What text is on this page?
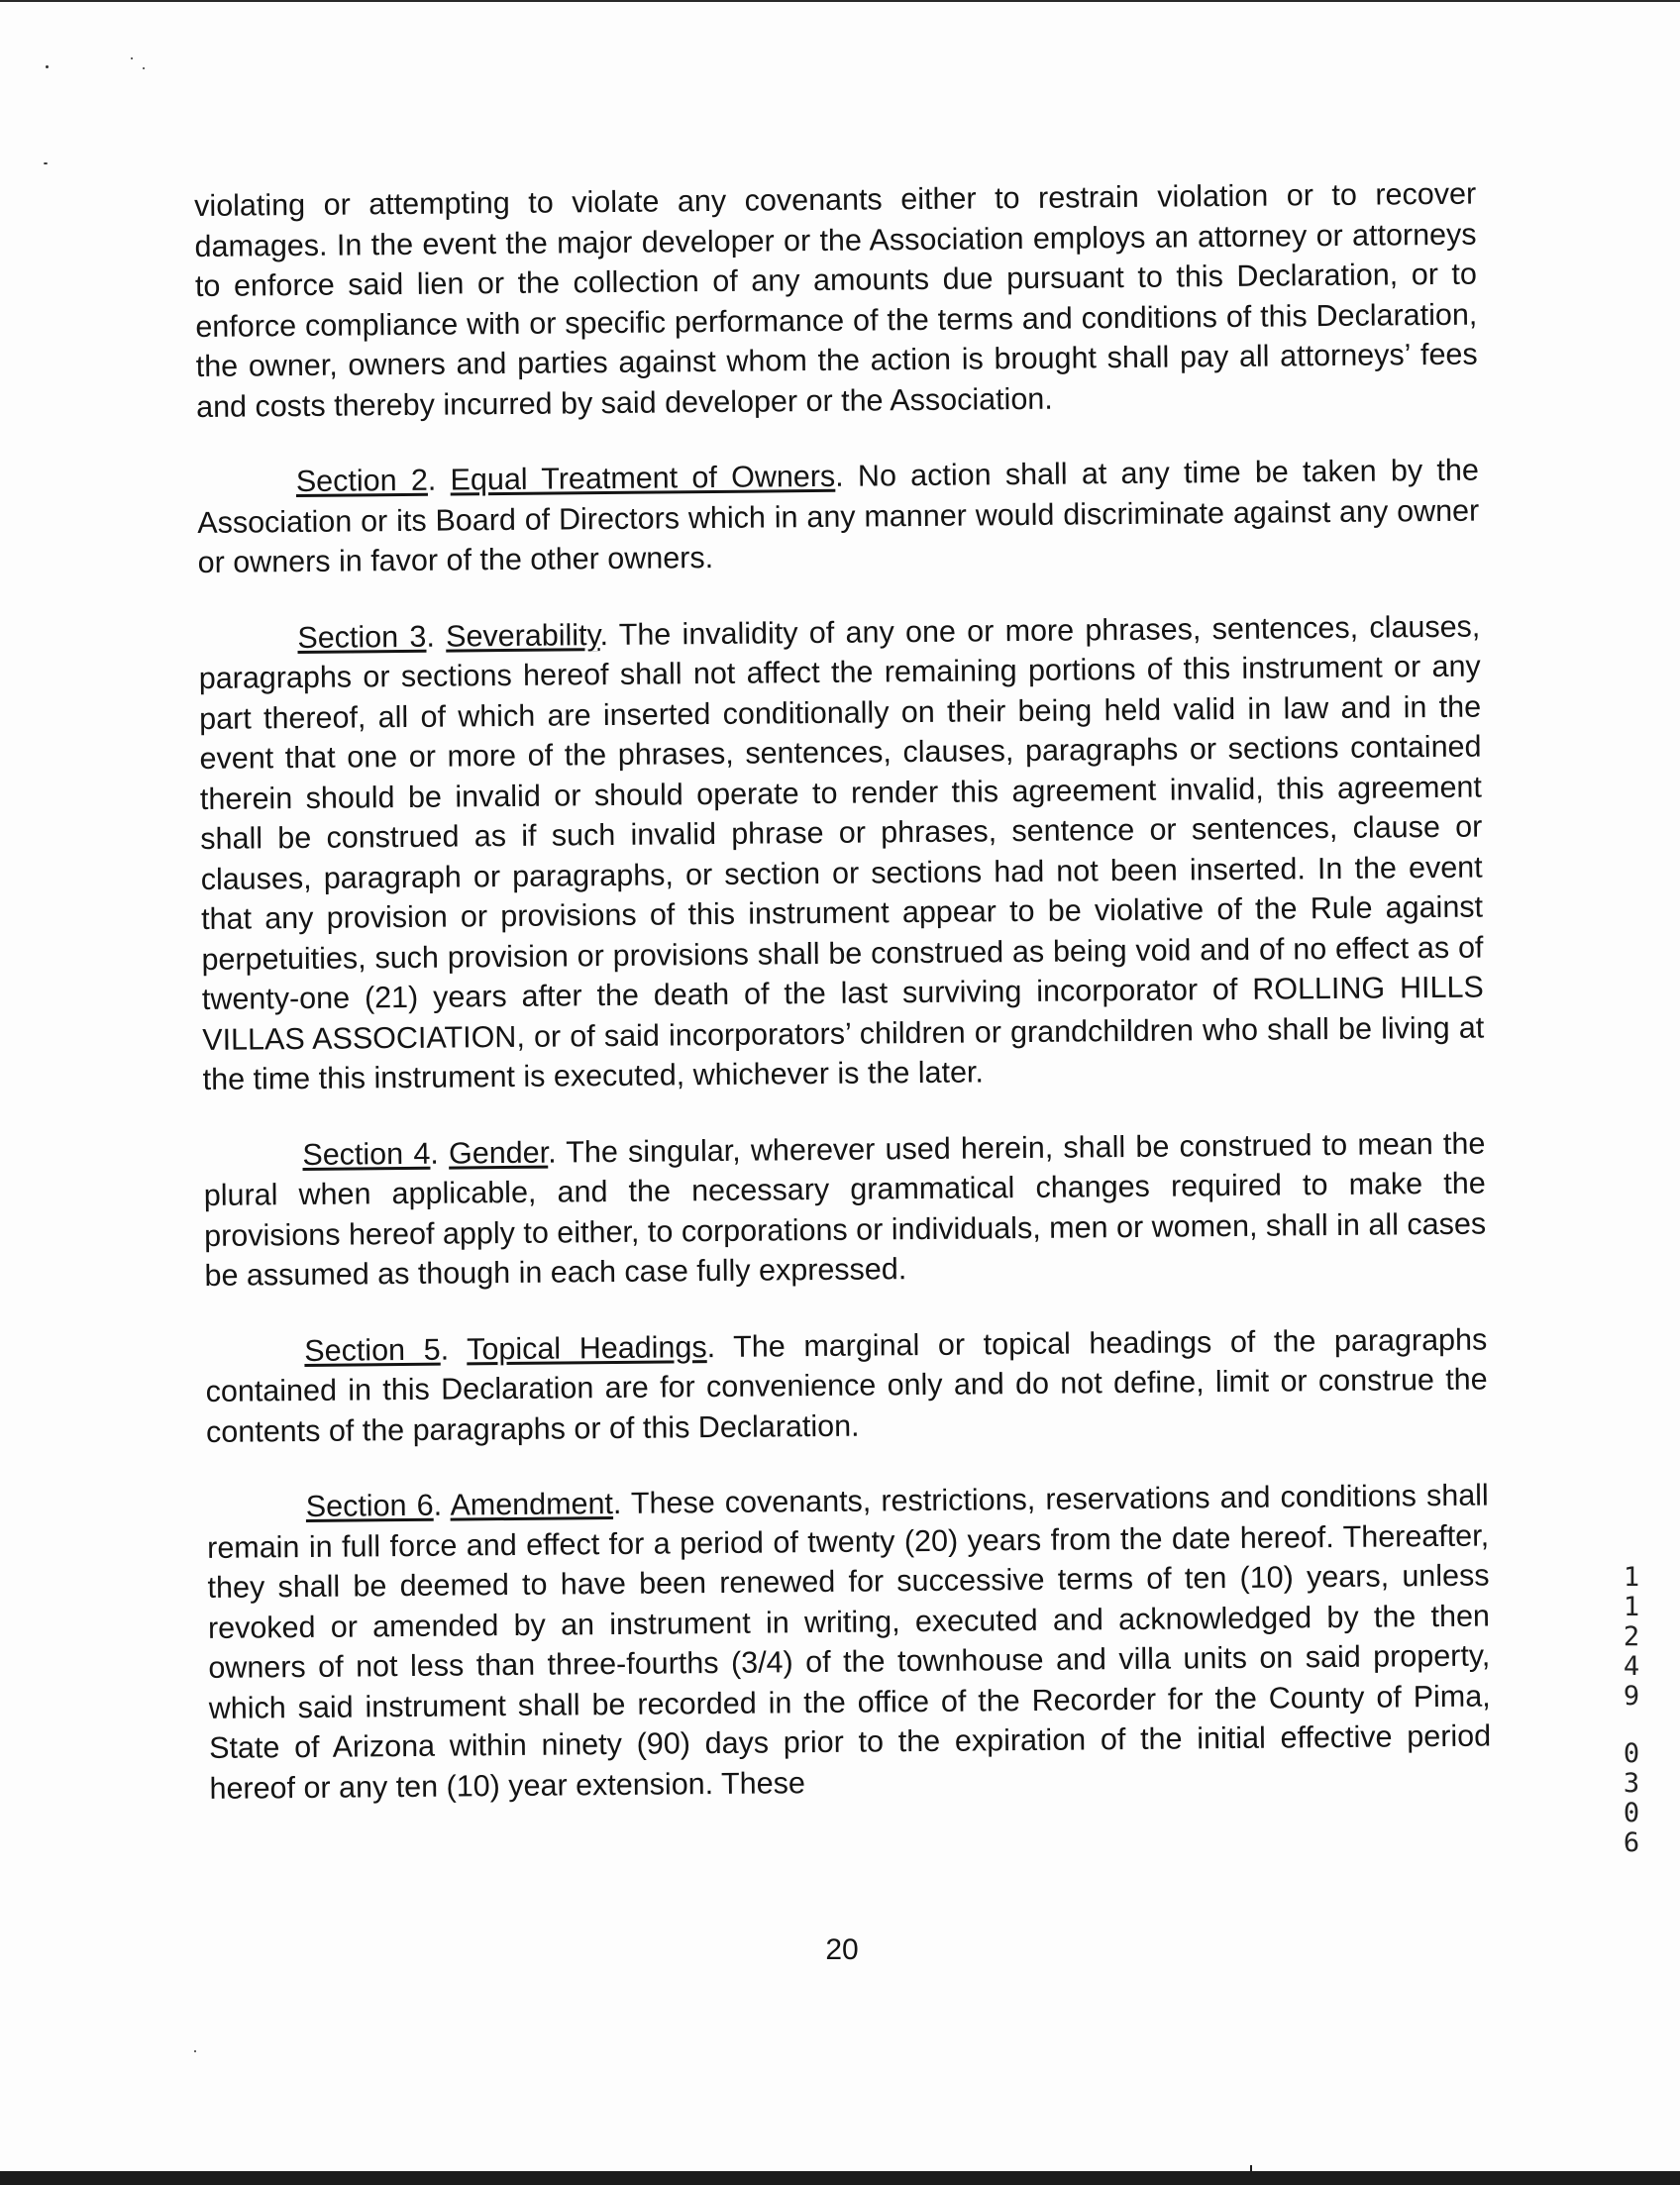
violating or attempting to violate any covenants either to restrain violation or to recover damages. In the event the major developer or the Association employs an attorney or attorneys to enforce said lien or the collection of any amounts due pursuant to this Declaration, or to enforce compliance with or specific performance of the terms and conditions of this Declaration, the owner, owners and parties against whom the action is brought shall pay all attorneys’ fees and costs thereby incurred by said developer or the Association.

Section 2. Equal Treatment of Owners. No action shall at any time be taken by the Association or its Board of Directors which in any manner would discriminate against any owner or owners in favor of the other owners.

Section 3. Severability. The invalidity of any one or more phrases, sentences, clauses, paragraphs or sections hereof shall not affect the remaining portions of this instrument or any part thereof, all of which are inserted conditionally on their being held valid in law and in the event that one or more of the phrases, sentences, clauses, paragraphs or sections contained therein should be invalid or should operate to render this agreement invalid, this agreement shall be construed as if such invalid phrase or phrases, sentence or sentences, clause or clauses, paragraph or paragraphs, or section or sections had not been inserted. In the event that any provision or provisions of this instrument appear to be violative of the Rule against perpetuities, such provision or provisions shall be construed as being void and of no effect as of twenty-one (21) years after the death of the last surviving incorporator of ROLLING HILLS VILLAS ASSOCIATION, or of said incorporators’ children or grandchildren who shall be living at the time this instrument is executed, whichever is the later.

Section 4. Gender. The singular, wherever used herein, shall be construed to mean the plural when applicable, and the necessary grammatical changes required to make the provisions hereof apply to either, to corporations or individuals, men or women, shall in all cases be assumed as though in each case fully expressed.

Section 5. Topical Headings. The marginal or topical headings of the paragraphs contained in this Declaration are for convenience only and do not define, limit or construe the contents of the paragraphs or of this Declaration.

Section 6. Amendment. These covenants, restrictions, reservations and conditions shall remain in full force and effect for a period of twenty (20) years from the date hereof. Thereafter, they shall be deemed to have been renewed for successive terms of ten (10) years, unless revoked or amended by an instrument in writing, executed and acknowledged by the then owners of not less than three-fourths (3/4) of the townhouse and villa units on said property, which said instrument shall be recorded in the office of the Recorder for the County of Pima, State of Arizona within ninety (90) days prior to the expiration of the initial effective period hereof or any ten (10) year extension. These

20
1
1
2
4
9
0
3
0
6
